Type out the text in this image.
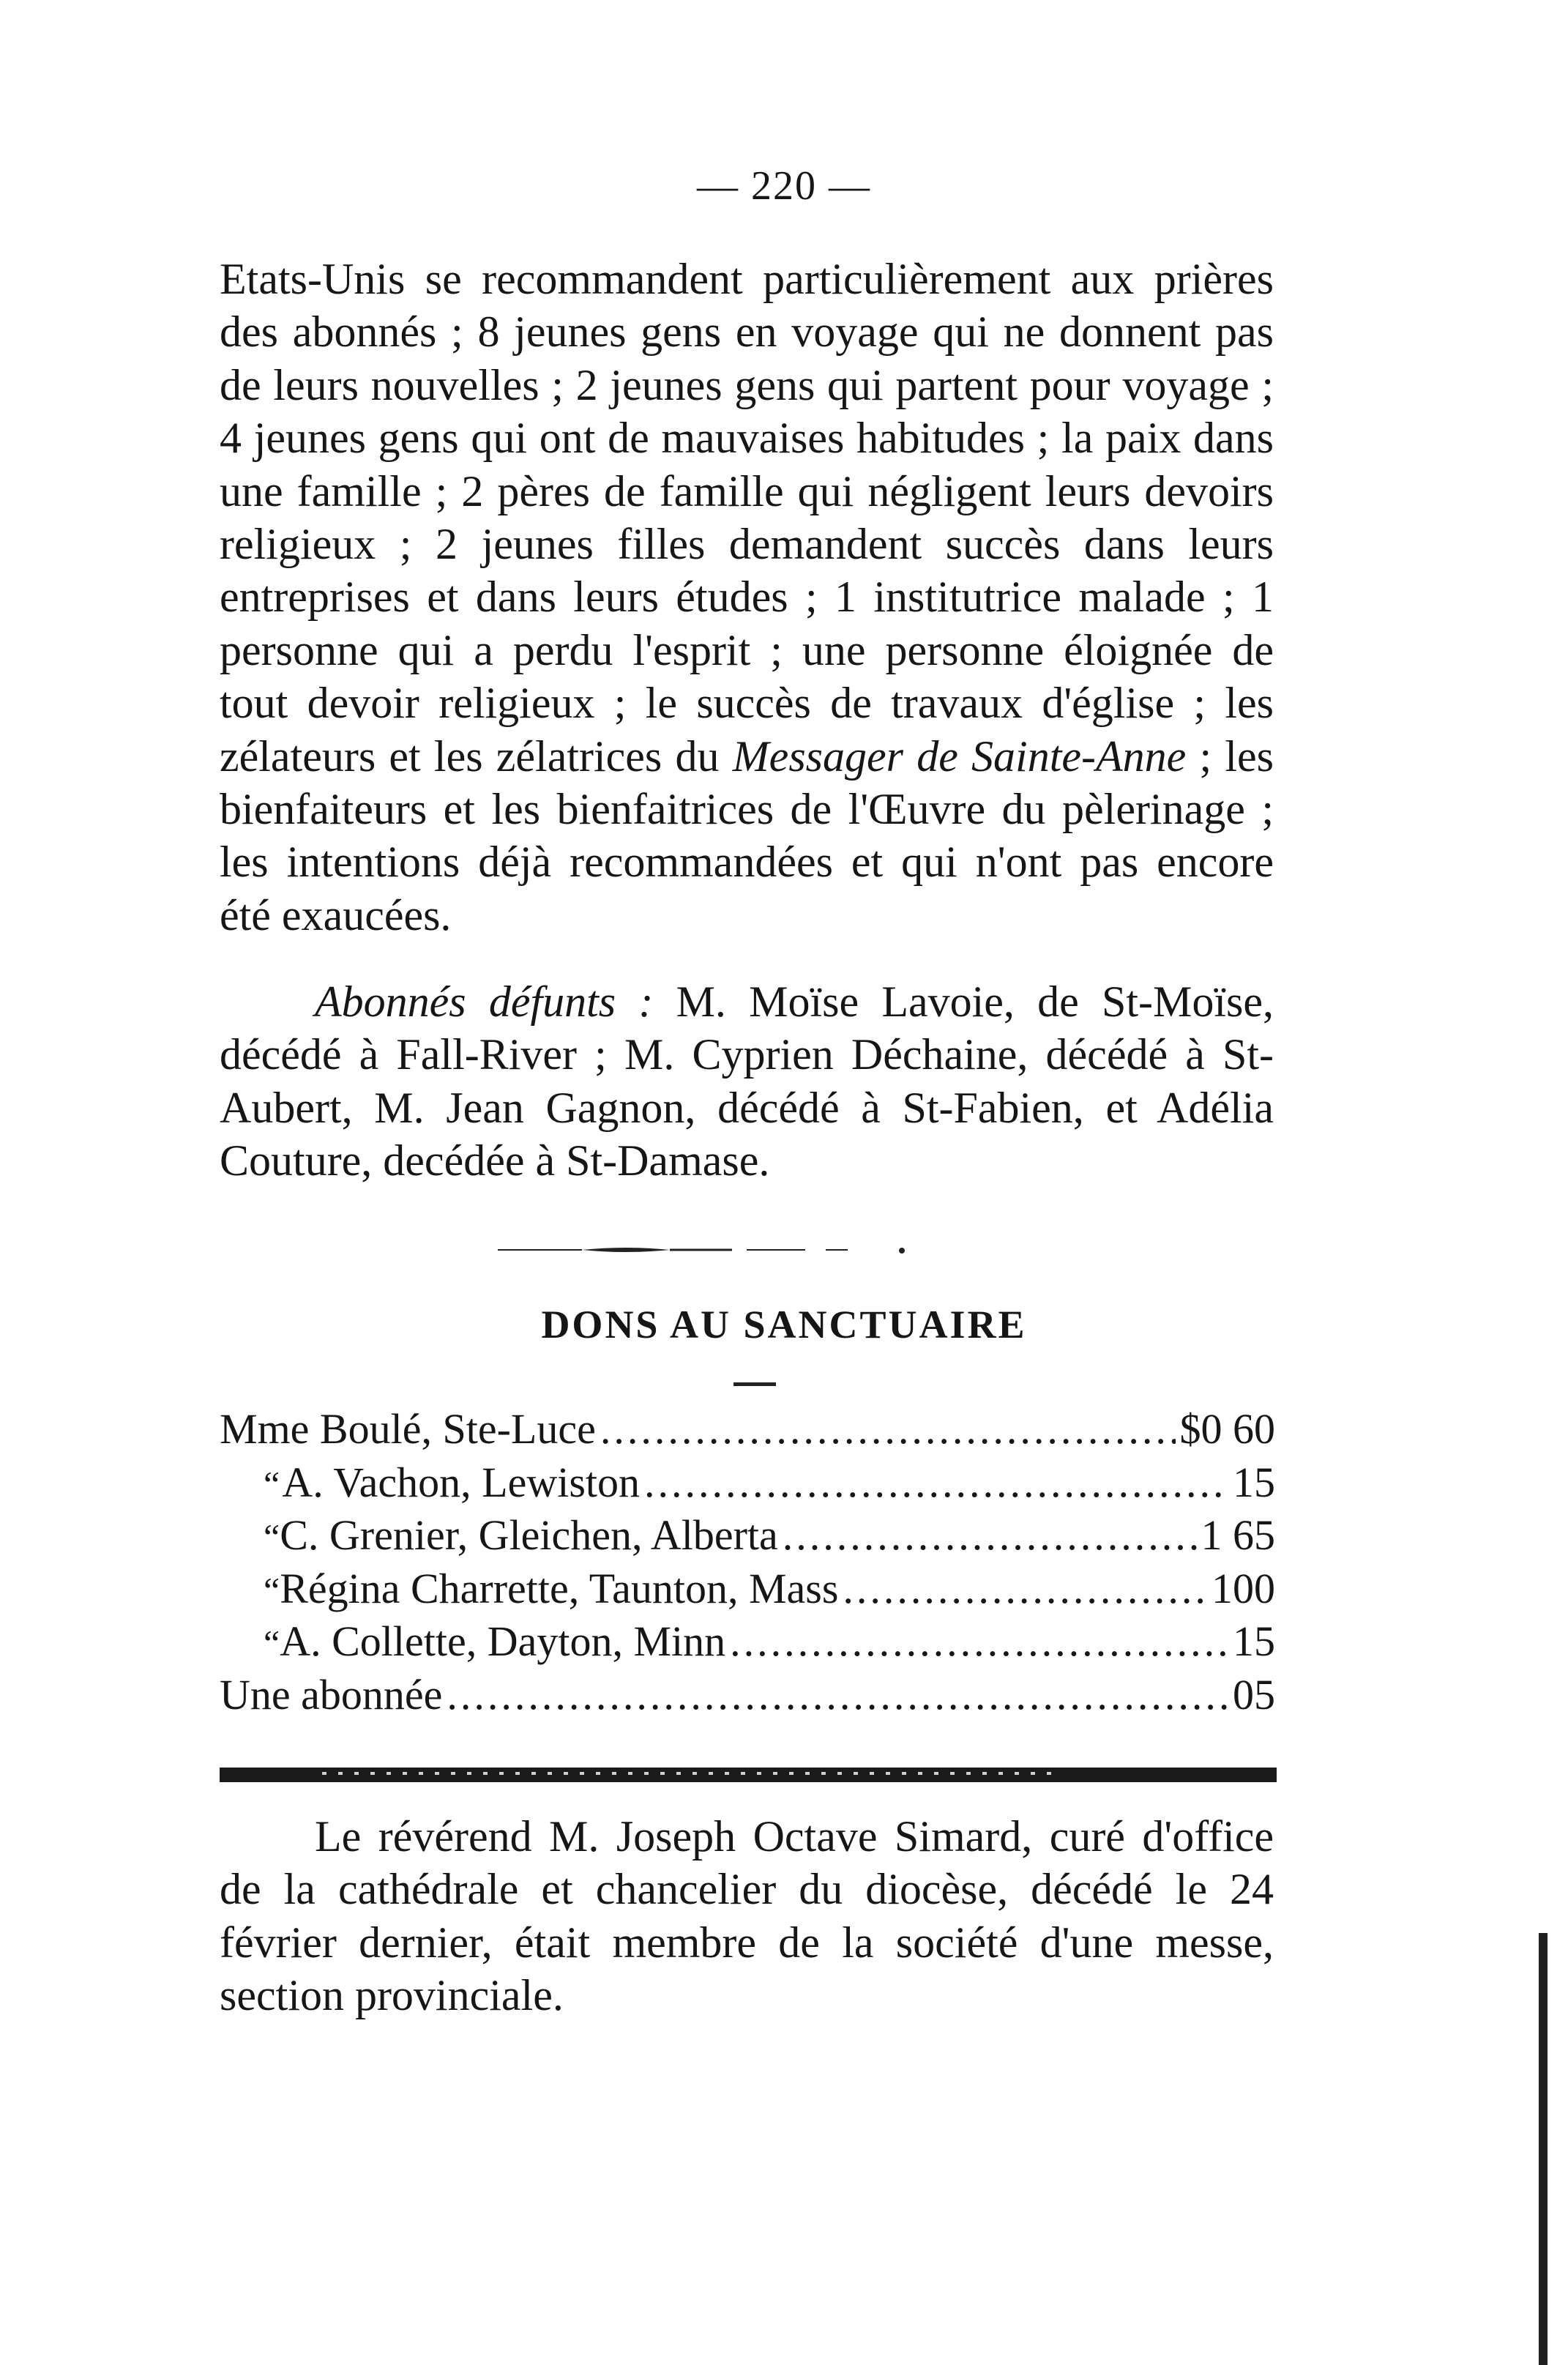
— 220 —

Etats-Unis se recommandent particulièrement aux prières des abonnés ; 8 jeunes gens en voyage qui ne donnent pas de leurs nouvelles ; 2 jeunes gens qui partent pour voyage ; 4 jeunes gens qui ont de mauvaises habitudes ; la paix dans une famille ; 2 pères de famille qui négligent leurs devoirs religieux ; 2 jeunes filles demandent succès dans leurs entreprises et dans leurs études ; 1 institutrice malade ; 1 personne qui a perdu l'esprit ; une personne éloignée de tout devoir religieux ; le succès de travaux d'église ; les zélateurs et les zélatrices du Messager de Sainte-Anne ; les bienfaiteurs et les bienfaitrices de l'Œuvre du pèlerinage ; les intentions déjà recommandées et qui n'ont pas encore été exaucées.

Abonnés défunts : M. Moïse Lavoie, de St-Moïse, décédé à Fall-River ; M. Cyprien Déchaine, décédé à St-Aubert, M. Jean Gagnon, décédé à St-Fabien, et Adélia Couture, decédée à St-Damase.

DONS AU SANCTUAIRE
Mme Boulé, Ste-Luce .....	$0 60
“ A. Vachon, Lewiston .....	15
“ C. Grenier, Gleichen, Alberta .....	1 65
“ Régina Charrette, Taunton, Mass .....	100
“ A. Collette, Dayton, Minn .....	15
Une abonnée .....	05

Le révérend M. Joseph Octave Simard, curé d'office de la cathédrale et chancelier du diocèse, décédé le 24 février dernier, était membre de la société d'une messe, section provinciale.
